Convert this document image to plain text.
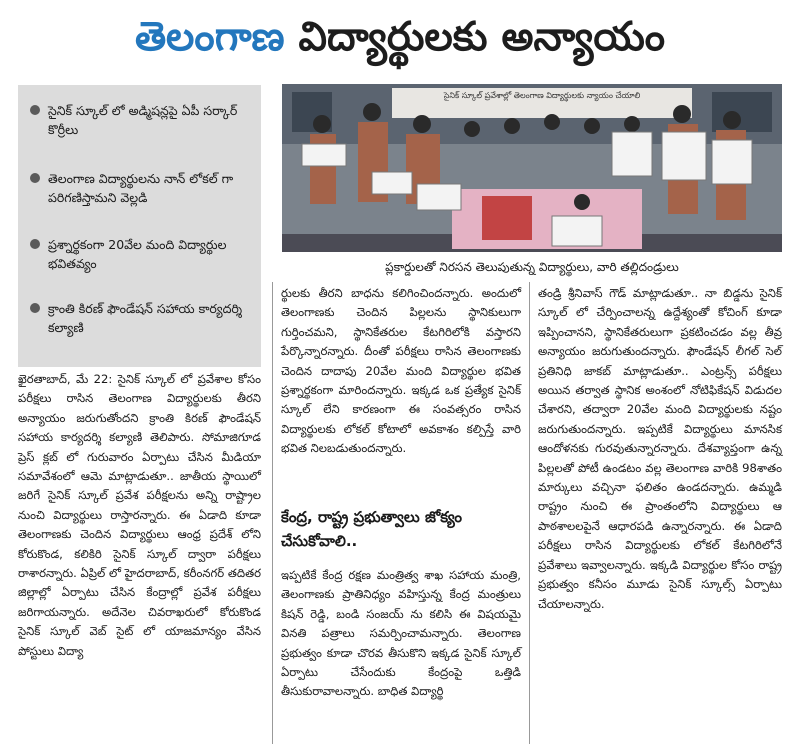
తెలంగాణ విద్యార్థులకు అన్యాయం
సైనిక్ స్కూల్ లో అడ్మిషన్లపై ఏపీ సర్కార్ కొర్రీలు
తెలంగాణ విద్యార్థులను నాన్ లోకల్ గా పరిగణిస్తామని వెల్లడి
ప్రశ్నార్థకంగా 20వేల మంది విద్యార్థుల భవితవ్యం
క్రాంతి కిరణ్ ఫౌండేషన్ సహాయ కార్యదర్శి కల్యాణి
సైనిక్ స్కూల్ ప్రవేశాల్లో తెలంగాణ విద్యార్థులకు న్యాయం చేయాలి
ప్లకార్డులతో నిరసన తెలుపుతున్న విద్యార్థులు, వారి తల్లిదండ్రులు

ఖైరతాబాద్, మే 22: సైనిక్ స్కూల్ లో ప్రవేశాల కోసం పరీక్షలు రాసిన తెలంగాణ విద్యార్థులకు తీరని అన్యాయం జరుగుతోందని క్రాంతి కిరణ్ ఫౌండేషన్ సహాయ కార్యదర్శి కల్యాణి తెలిపారు. సోమాజిగూడ ప్రెస్ క్లబ్ లో గురువారం ఏర్పాటు చేసిన మీడియా సమావేశంలో ఆమె మాట్లాడుతూ.. జాతీయ స్థాయిలో జరిగే సైనిక్ స్కూల్ ప్రవేశ పరీక్షలను అన్ని రాష్ట్రాల నుంచి విద్యార్థులు రాస్తారన్నారు. ఈ ఏడాది కూడా తెలంగాణకు చెందిన విద్యార్థులు ఆంధ్ర ప్రదేశ్ లోని కోరుకొండ, కలికిరి సైనిక్ స్కూల్ ద్వారా పరీక్షలు రాశారన్నారు. ఏప్రిల్ లో హైదరాబాద్, కరీంనగర్ తదితర జిల్లాల్లో ఏర్పాటు చేసిన కేంద్రాల్లో ప్రవేశ పరీక్షలు జరిగాయన్నారు. అదేనెల చివరాఖరులో కోరుకొండ సైనిక్ స్కూల్ వెబ్ సైట్ లో యాజమాన్యం వేసిన పోస్టులు విద్యా

ర్థులకు తీరని బాధను కలిగించిందన్నారు. అందులో తెలంగాణకు చెందిన పిల్లలను స్థానికులుగా గుర్తించమని, స్థానికేతరుల కేటగిరిలోకి వస్తారని పేర్కొన్నారన్నారు. దీంతో పరీక్షలు రాసిన తెలంగాణకు చెందిన దాదాపు 20వేల మంది విద్యార్థుల భవిత ప్రశ్నార్థకంగా మారిందన్నారు. ఇక్కడ ఒక ప్రత్యేక సైనిక్ స్కూల్ లేని కారణంగా ఈ సంవత్సరం రాసిన విద్యార్థులకు లోకల్ కోటాలో అవకాశం కల్పిస్తే వారి భవిత నిలబడుతుందన్నారు.

కేంద్ర, రాష్ట్ర ప్రభుత్వాలు జోక్యం చేసుకోవాలి..

ఇప్పటికే కేంద్ర రక్షణ మంత్రిత్వ శాఖ సహాయ మంత్రి, తెలంగాణకు ప్రాతినిధ్యం వహిస్తున్న కేంద్ర మంత్రులు కిషన్ రెడ్డి, బండి సంజయ్ ను కలిసి ఈ విషయమై వినతి పత్రాలు సమర్పించామన్నారు. తెలంగాణ ప్రభుత్వం కూడా చొరవ తీసుకొని ఇక్కడ సైనిక్ స్కూల్ ఏర్పాటు చేసేందుకు కేంద్రంపై ఒత్తిడి తీసుకురావాలన్నారు. బాధిత విద్యార్థి

తండ్రి శ్రీనివాస్ గౌడ్ మాట్లాడుతూ.. నా బిడ్డను సైనిక్ స్కూల్ లో చేర్పించాలన్న ఉద్దేశ్యంతో కోచింగ్ కూడా ఇప్పించానని, స్థానికేతరులుగా ప్రకటించడం వల్ల తీవ్ర అన్యాయం జరుగుతుందన్నారు. ఫౌండేషన్ లీగల్ సెల్ ప్రతినిధి జాకబ్ మాట్లాడుతూ.. ఎంట్రన్స్ పరీక్షలు అయిన తర్వాత స్థానిక అంశంలో నోటిఫికేషన్ విడుదల చేశారని, తద్వారా 20వేల మంది విద్యార్థులకు నష్టం జరుగుతుందన్నారు. ఇప్పటికే విద్యార్థులు మానసిక ఆందోళనకు గురవుతున్నారన్నారు. దేశవ్యాప్తంగా ఉన్న పిల్లలతో పోటీ ఉండటం వల్ల తెలంగాణ వారికి 98శాతం మార్కులు వచ్చినా ఫలితం ఉండదన్నారు. ఉమ్మడి రాష్ట్రం నుంచి ఈ ప్రాంతంలోని విద్యార్థులు ఆ పాఠశాలలపైనే ఆధారపడి ఉన్నారన్నారు. ఈ ఏడాది పరీక్షలు రాసిన విద్యార్థులకు లోకల్ కేటగిరిలోనే ప్రవేశాలు ఇవ్వాలన్నారు. ఇక్కడి విద్యార్థుల కోసం రాష్ట్ర ప్రభుత్వం కనీసం మూడు సైనిక్ స్కూల్స్ ఏర్పాటు చేయాలన్నారు.
